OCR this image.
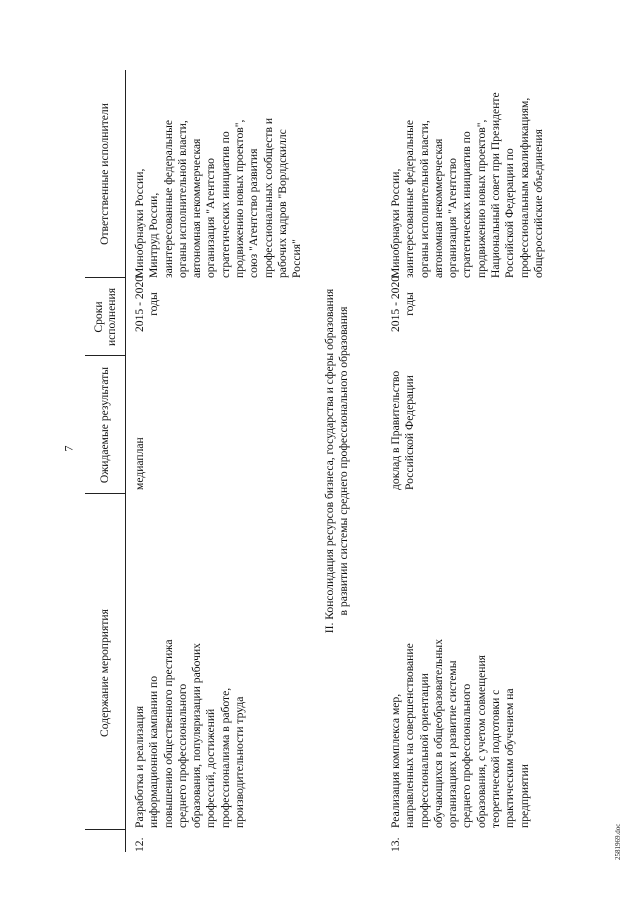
7
2581969.doc
Содержание мероприятия
Ожидаемые результаты
Сроки
исполнения
Ответственные исполнители
12.
Разработка и реализация
информационной кампании по
повышению общественного престижа
среднего профессионального
образования, популяризации рабочих
профессий, достижений
профессионализма в работе,
производительности труда
медиаплан
2015 - 2020
годы
Минобрнауки России,
Минтруд России,
заинтересованные федеральные
органы исполнительной власти,
автономная некоммерческая
организация "Агентство
стратегических инициатив по
продвижению новых проектов",
союз "Агентство развития
профессиональных сообществ и
рабочих кадров "Ворлдскиллс
Россия"
II. Консолидация ресурсов бизнеса, государства и сферы образования
в развитии системы среднего профессионального образования
13.
Реализация комплекса мер,
направленных на совершенствование
профессиональной ориентации
обучающихся в общеобразовательных
организациях и развитие системы
среднего профессионального
образования, с учетом совмещения
теоретической подготовки с
практическим обучением на
предприятии
доклад в Правительство
Российской Федерации
2015 - 2020
годы
Минобрнауки России,
заинтересованные федеральные
органы исполнительной власти,
автономная некоммерческая
организация "Агентство
стратегических инициатив по
продвижению новых проектов",
Национальный совет при Президенте
Российской Федерации по
профессиональным квалификациям,
общероссийские объединения
